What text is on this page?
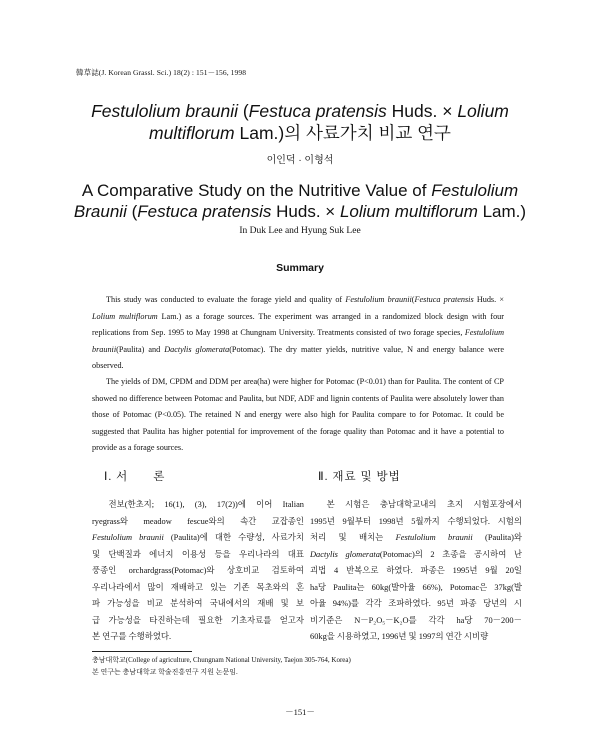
韓草誌(J. Korean Grassl. Sci.) 18(2) : 151－156, 1998
Festulolium braunii (Festuca pratensis Huds. × Lolium
multiflorum Lam.)의 사료가치 비교 연구
이인덕 · 이형석
A Comparative Study on the Nutritive Value of Festulolium
Braunii (Festuca pratensis Huds. × Lolium multiflorum Lam.)
In Duk Lee and Hyung Suk Lee
Summary

This study was conducted to evaluate the forage yield and quality of Festulolium braunii(Festuca pratensis Huds. × Lolium multiflorum Lam.) as a forage sources. The experiment was arranged in a randomized block design with four replications from Sep. 1995 to May 1998 at Chungnam University. Treatments consisted of two forage species, Festulolium braunii(Paulita) and Dactylis glomerata(Potomac). The dry matter yields, nutritive value, N and energy balance were observed.

The yields of DM, CPDM and DDM per area(ha) were higher for Potomac (P<0.01) than for Paulita. The content of CP showed no difference between Potomac and Paulita, but NDF, ADF and lignin contents of Paulita were absolutely lower than those of Potomac (P<0.05). The retained N and energy were also high for Paulita compare to for Potomac. It could be suggested that Paulita has higher potential for improvement of the forage quality than Potomac and it have a potential to provide as a forage sources.

Ⅰ. 서　　론	Ⅱ. 재료 및 방법
　전보(한초지; 16(1), (3), 17(2))에 이어 Italian
ryegrass와 meadow fescue와의 속간 교잡종인
Festulolium braunii (Paulita)에 대한 수량성, 사료가치
및 단백질과 에너지 이용성 등을 우리나라의 대표
풍종인 orchardgrass(Potomac)와 상호비교 검토하여
우리나라에서 많이 재배하고 있는 기존 목초와의 혼
파 가능성을 비교 분석하여 국내에서의 재배 및 보
급 가능성을 타진하는데 필요한 기초자료를 얻고자
본 연구를 수행하였다.
　본 시험은 충남대학교내의 초지 시험포장에서
1995년 9월부터 1998년 5월까지 수행되었다. 시험의
처리 및 배치는 Festulolium braunii (Paulita)와
Dactylis glomerata(Potomac)의 2 초종을 공시하여 난
괴법 4 반복으로 하였다. 파종은 1995년 9월 20일
ha당 Paulita는 60kg(발아율 66%), Potomac은 37kg(발
아율 94%)를 각각 조파하였다. 95년 파종 당년의 시
비기준은 N－P₂O₅－K₂O를 각각 ha당 70－200－
60kg을 시용하였고, 1996년 및 1997의 연간 시비량
충남대학교(College of agriculture, Chungnam National University, Taejon 305-764, Korea)
본 연구는 충남대학교 학술진흥연구 지원 논문임.
－151－
